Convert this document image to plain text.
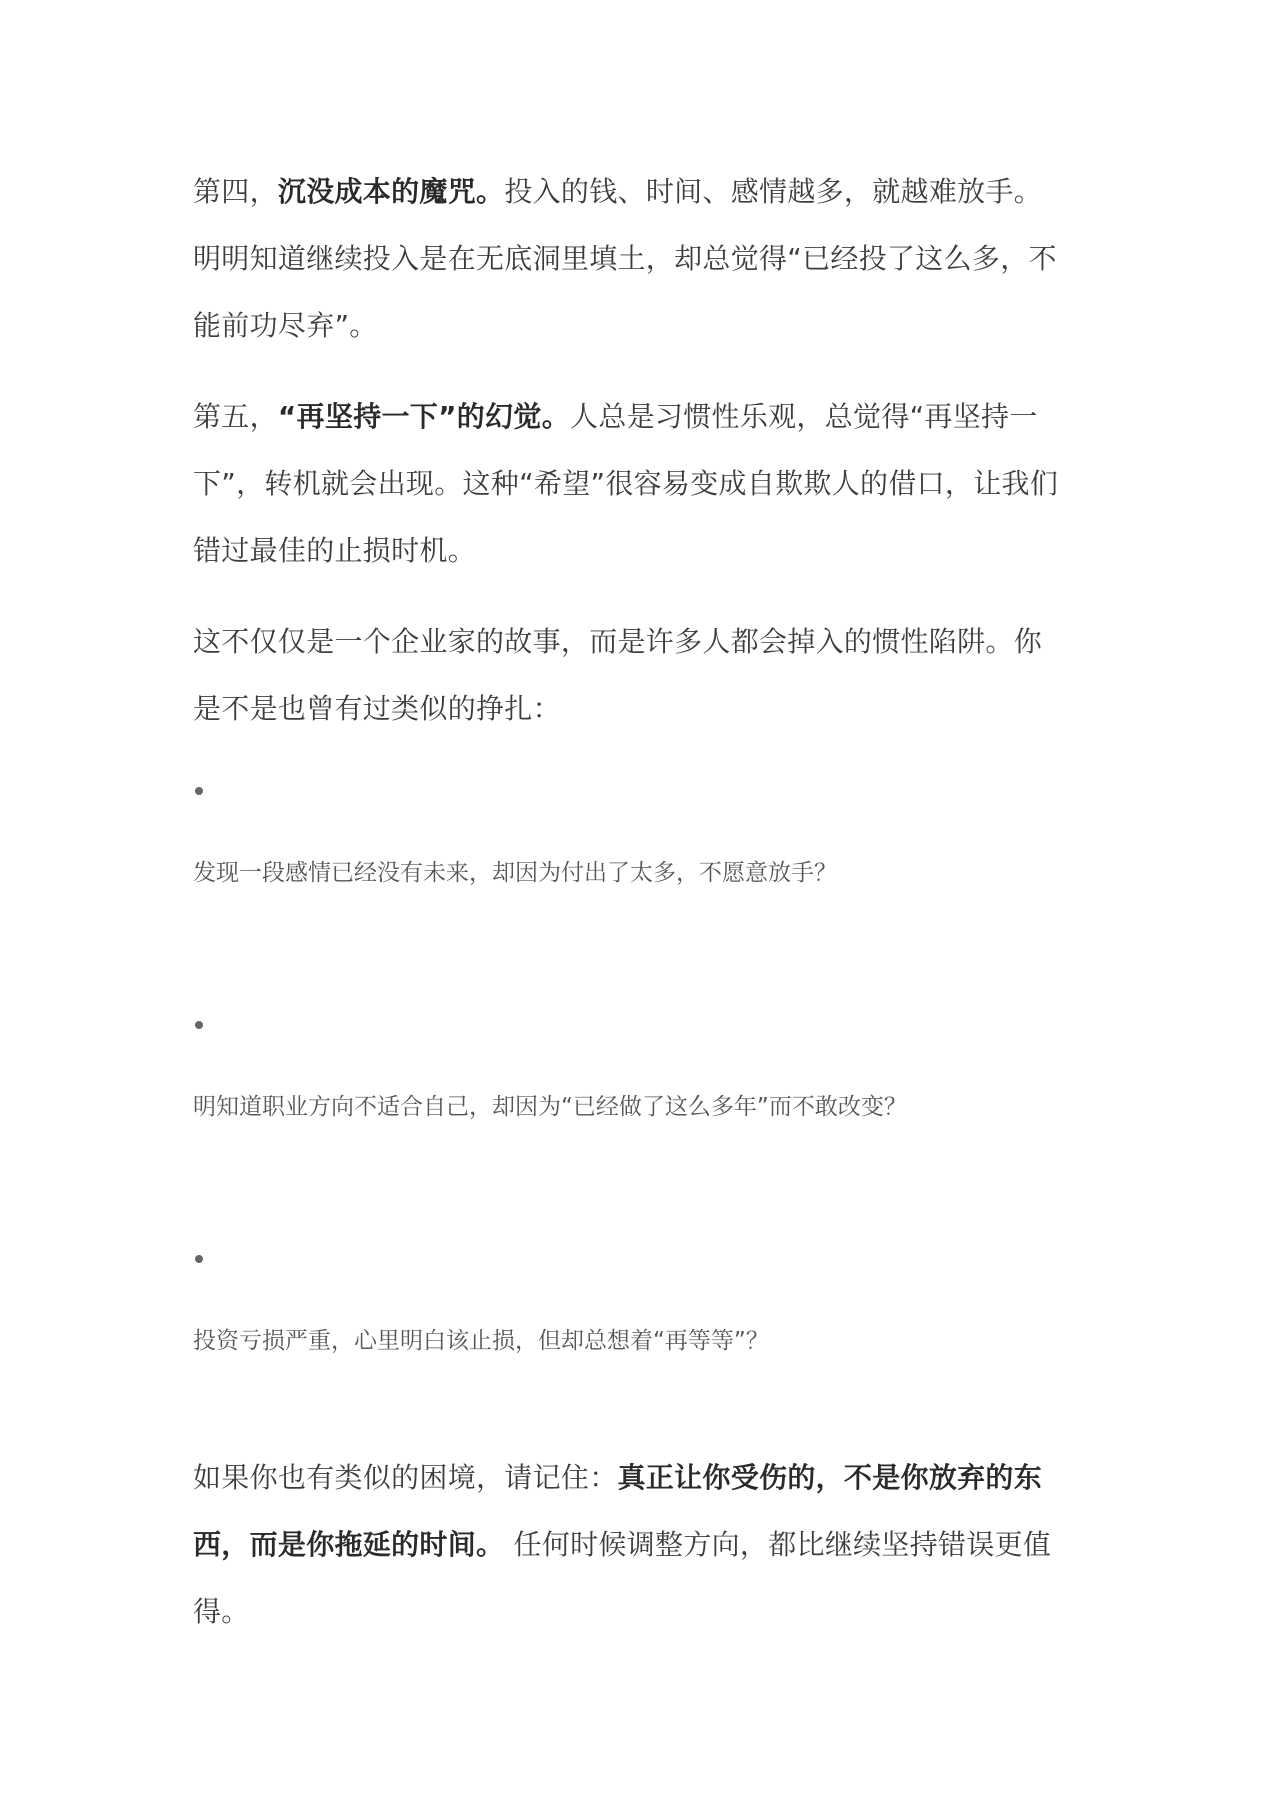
第四，沉没成本的魔咒。投入的钱、时间、感情越多，就越难放手。明明知道继续投入是在无底洞里填土，却总觉得“已经投了这么多，不能前功尽弃”。

第五，“再坚持一下”的幻觉。人总是习惯性乐观，总觉得“再坚持一下”，转机就会出现。这种“希望”很容易变成自欺欺人的借口，让我们错过最佳的止损时机。

这不仅仅是一个企业家的故事，而是许多人都会掉入的惯性陷阱。你是不是也曾有过类似的挣扎：

发现一段感情已经没有未来，却因为付出了太多，不愿意放手？
明知道职业方向不适合自己，却因为“已经做了这么多年”而不敢改变？
投资亏损严重，心里明白该止损，但却总想着“再等等”？

如果你也有类似的困境，请记住：真正让你受伤的，不是你放弃的东西，而是你拖延的时间。 任何时候调整方向，都比继续坚持错误更值得。
